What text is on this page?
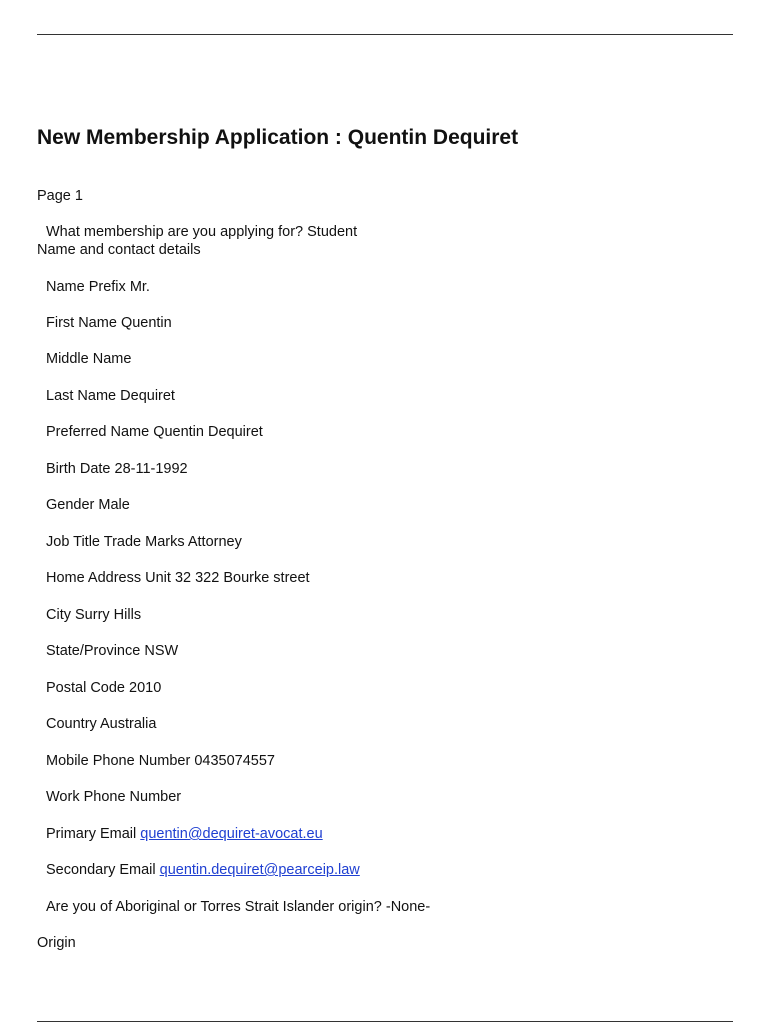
New Membership Application : Quentin Dequiret
Page 1
What membership are you applying for? Student
Name and contact details
Name Prefix Mr.
First Name Quentin
Middle Name
Last Name Dequiret
Preferred Name Quentin Dequiret
Birth Date 28-11-1992
Gender Male
Job Title Trade Marks Attorney
Home Address Unit 32 322 Bourke street
City Surry Hills
State/Province NSW
Postal Code 2010
Country Australia
Mobile Phone Number 0435074557
Work Phone Number
Primary Email quentin@dequiret-avocat.eu
Secondary Email quentin.dequiret@pearceip.law
Are you of Aboriginal or Torres Strait Islander origin? -None-
Origin
